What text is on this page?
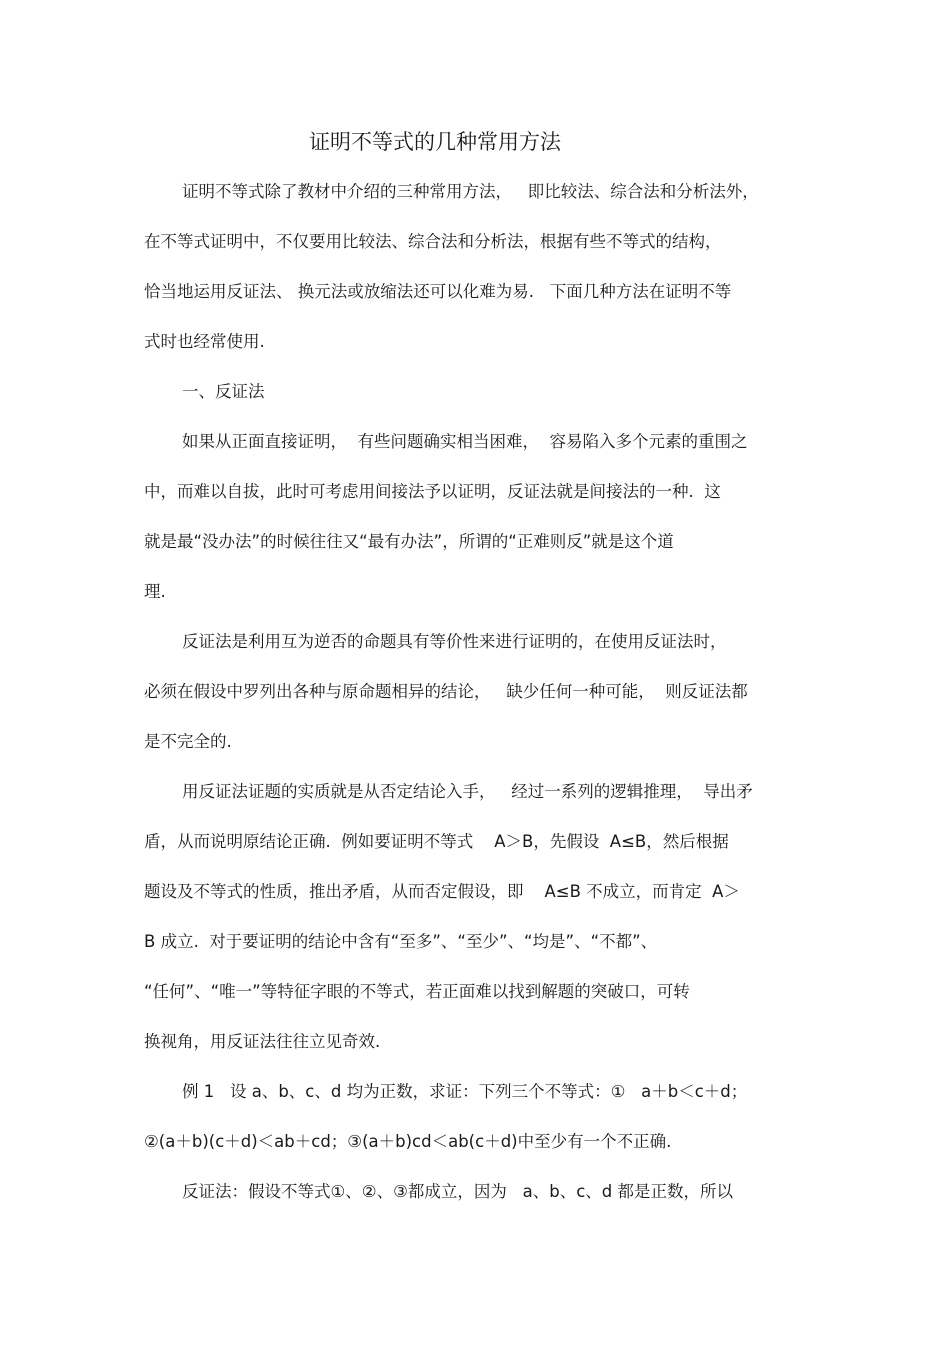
证明不等式的几种常用方法
证明不等式除了教材中介绍的三种常用方法，   即比较法、综合法和分析法外，
在不等式证明中，不仅要用比较法、综合法和分析法，根据有些不等式的结构，
恰当地运用反证法、 换元法或放缩法还可以化难为易.   下面几种方法在证明不等
式时也经常使用.
一、反证法
如果从正面直接证明，  有些问题确实相当困难，  容易陷入多个元素的重围之
中，而难以自拔，此时可考虑用间接法予以证明，反证法就是间接法的一种.  这
就是最“没办法”的时候往往又“最有办法”，所谓的“正难则反”就是这个道
理.
反证法是利用互为逆否的命题具有等价性来进行证明的，在使用反证法时，
必须在假设中罗列出各种与原命题相异的结论，   缺少任何一种可能，  则反证法都
是不完全的.
用反证法证题的实质就是从否定结论入手，   经过一系列的逻辑推理，  导出矛
盾，从而说明原结论正确.  例如要证明不等式    A＞B，先假设  A≤B，然后根据
题设及不等式的性质，推出矛盾，从而否定假设，即    A≤B 不成立，而肯定  A＞
B 成立.  对于要证明的结论中含有“至多”、“至少”、“均是”、“不都”、
“任何”、“唯一”等特征字眼的不等式，若正面难以找到解题的突破口，可转
换视角，用反证法往往立见奇效.
例 1   设 a、b、c、d 均为正数，求证：下列三个不等式：①   a＋b＜c＋d；
②(a＋b)(c＋d)＜ab＋cd；③(a＋b)cd＜ab(c＋d)中至少有一个不正确.
反证法：假设不等式①、②、③都成立，因为   a、b、c、d 都是正数，所以
